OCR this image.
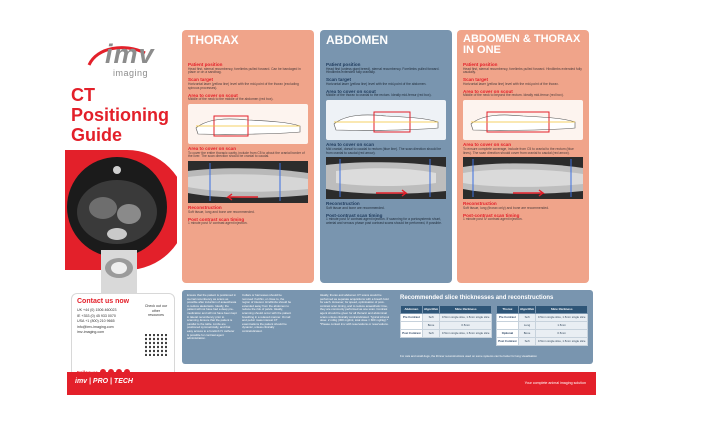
imv
imaging
CT Positioning Guide
Contact us now
UK +44 (0) 1506 460023
IE +353 (0) 45 933 0070
USA +1 (800) 210 9665
info@imv-imaging.com
imv-imaging.com
Check out our other resources
THORAX
Patient position
Head first, sternal recumbency, forelimbs pulled forward. Can be bandaged in place or on a sandbag.
Scan target
Horizontal laser (yellow line) level with the mid-point of the thorax (excluding spinous processes).
Area to cover on scout
Middle of the neck to the middle of the abdomen (red box).
Area to cover on scan
To cover the entire thoracic cavity, include from C5 to about the cranial border of the liver. The scan direction should be cranial to caudal.
Reconstruction
Soft tissue, lung and bone are recommended.
Post contrast scan timing
1 minute post IV contrast agent injection.
ABDOMEN
Patient position
Head first (unless giant breed), sternal recumbency. Forelimbs pulled forward. Hindlimbs extended fully cranially.
Scan target
Horizontal laser (yellow line) level with the mid-point of the abdomen.
Area to cover on scout
Middle of the thorax to cranial to the rectum. Ideally mid-femur (red box).
Area to cover on scan
Mid cranial, dorsal to caudal to rectum (blue line). The scan direction should be from cranial to caudal (red arrow).
Reconstruction
Soft tissue and bone are recommended.
Post-contrast scan timing
1 minute post IV contrast agent injection. If scanning for a portosystemic shunt, arterial and venous phase post contrast scans should be performed, if possible.
ABDOMEN & THORAX IN ONE
Patient position
Head first, sternal recumbency, forelimbs pulled forward. Hindlimbs extended fully caudally.
Scan target
Horizontal laser (yellow line) level with the mid-point of the thorax.
Area to cover on scout
Middle of the neck to beyond the rectum. Ideally mid-femur (red box).
Area to cover on scan
To ensure complete coverage, include from C5 to cranial to the rectum (blue lines). The scan direction should cover from cranial to caudal (red arrow).
Reconstruction
Soft tissue, lung (thorax only) and bone are recommended.
Post-contrast scan timing
1 minute post IV contrast agent injection.
Ensure that the patient is positioned in sternal recumbency as scans as possible after induction of anaesthesia to reduce atelectasis. Ideally, the patient will not have had a deep pre-medication and will not have been kept in lateral recumbency prior to scanning. Ensure that the patient is parallel to the table. Limbs are positioned symmetrically, and that easy access to a forelimb IV catheter is possible for contrast agent administration.
Collars or harnesses should be removed if within, or close to, the region of interest. Hindlimbs should be extended away from the abdomen to reduce the risk of pelvis. Ideally, scanning should occur with the patient breathing in a relaxed manner. On tail and pelvic mass interest CT examinations the patient should be dynamic, unless clinically contraindicated.
Ideally, thorax and abdomen CT scans would be performed as separate acquisitions with a breath hold for each. However, for speed, optimisation of post-contrast scan timing, and to reduce anaesthetic time, they are commonly performed as one scan. Contrast agent should be given for all thoracic and abdominal scans unless clinically contraindicated. Typical iohexol dose: 2 ml/kg (300 mgI/ml, total dose = 600 mgI/kg).* *Please contact imv with reservations or reservations.
Recommended slice thicknesses and reconstructions
Abdomen	Algorithm	Slice thickness
Pre Contrast	Soft	0.5mm single slice, 1.5mm single slice
	Bone	0.5mm
Post Contrast	Soft	0.5mm single slice, 1.5mm single slice
Thorax	Algorithm	Slice thickness
Pre Contrast	Soft	0.5mm single slice, 1.5mm single slice
	Lung	1.5mm
Optional	Bone	0.5mm
Post Contrast	Soft	0.5mm single slice, 1.5mm single slice
For cats and small dogs, the thinner reconstructions used on some systems can be better for lung visualisation
imv | PRO | TECH	Your complete animal imaging solution
